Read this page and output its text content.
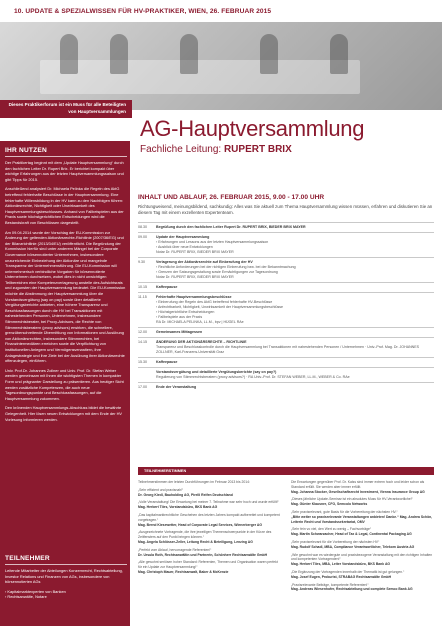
10. UPDATE & SPEZIALWISSEN FÜR HV-PRAKTIKER, WIEN, 26. FEBRUAR 2015
Dieses Praktikerforum ist ein Muss für alle Beteiligten von Hauptversammlungen
AG-Hauptversammlung
Fachliche Leitung: RUPERT BRIX
IHR NUTZEN

Der Praktikertag beginnt mit dem „Update Hauptversammlung“ durch den fachlichen Leiter Dr. Rupert Brix. Er berichtet kompakt über wichtige Erfahrungen aus der letzten Hauptversammlungssaison und gibt Tipps für 2015.

Anschließend analysiert Dr. Michaela Pelinka die Regeln des AktG betreffend fehlerhafte Beschlüsse in der Hauptversammlung. Eine fehlerhafte Willensbildung in der HV kann zu den Nachfolgen führen: Aktionärsrechte, Nichtigkeit oder Unwirksamkeit des Hauptversammlungsbeschlusses. Anhand von Fallbeispielen aus der Praxis sowie höchstgerichtlichen Entscheidungen wird die Bestandskraft von Beschlüssen dargestellt.

Am 09.04.2014 wurde der Vorschlag der EU-Kommission zur Änderung der geltenden Aktionärsrechte-Richtlinie (2007/36/EG) und der Bilanzrichtlinie (2013/34/EU) veröffentlicht. Die Begründung der Kommission hierfür sind unter anderem Mängel bei der Corporate Governance börsennotierter Unternehmen, insbesondere unzureichende Einbeziehung der Aktionäre und mangelnde Transparenz der Unternehmensführung. Die EU-Kommission will unternehmerisch verbindliche Vorgaben für börsennotierte Unternehmen durchsetzen, wobei dies in nicht unwichtigen Teilbereichen eine Kompetenzverlagerung anstelle des Aufsichtsrats und zugunsten der Hauptversammlung bedeutet. Die EU-Kommission möchte die Abstimmung der Hauptversammlung über die Vorstandsvergütung (say on pay) sowie über detaillierte Vergütungsberichte anbieten, eine höhere Transparenz und Beschlussfassungen durch die HV bei Transaktionen mit nahestehenden Personen, Unternehmen, insbesondere Stimmrechtsberater, bei Proxy-Advisors, die Rechte von Stimmrechtsberatern (proxy advisors) erwirken, die schnellere, grenzüberschreitende Übermittlung von Informationen und Ausübung von Aktionärsrechten, insbesondere Stimmrechten, bei Finanzintermediären erreichen sowie die Verpflichtung von institutionellen Anlegern und Vermögensverwaltern, ihre Anlagestrategie und ihre Ziele bei der Ausübung ihrer Aktionärsrechte offenzulegen, einführen.

Univ. Prof.Dr. Johannes Zollner und Univ. Prof. Dr. Stefan Weber werden gemeinsam mit Ihnen die wichtigsten Themen in kompakter Form und prägnanter Darstellung zu präsentieren. Aus heutiger Sicht werden zusätzliche Kompetenzen, die auch neue Tagesordnungspunkte und Beschlussfassungen, auf die Hauptversammlung zukommen.

Den krönenden Hauptversammlungs-Abschluss bildet die bewährte Gelegenheit. Hier lösen neuen Entwicklungen mit dem Ende der HV Vorlesung informieren werden.

TEILNEHMER

Leitende Mitarbeiter der Abteilungen Konzernrecht, Rechtsabteilung, Investor Relations und Finanzen von AGs, insbesondere von börsennotierten AGs

› Kapitalmarktexperten von Banken
› Rechtsanwälte, Notare
INHALT UND ABLAUF, 26. FEBRUAR 2015, 9.00 - 17.00 UHR

Richtungweisend, meinungsbildend, sachkundig: Alles was Sie aktuell zum Thema Hauptversammlung wissen müssen, erfahren und diskutieren Sie an diesem Tag mit einem exzellenten Expertenteam.

08.30	Begrüßung durch den fachlichen Leiter Rupert Dr. RUPERT BRIX, BIEDER BRIX MAYER
09.00	Update der Hauptversammlung
› Erfahrungen und Lessons aus der letzten Hauptversammlungssaison
› Ausblick über neue Entwicklungen
Notar Dr. RUPERT BRIX, BIEDER BRIX MAYER
9.30	Verlagerung der Aktionärsrechte auf Einberufung der HV
› Rechtliche Anforderungen bei der richtigen Einberufung bzw. bei der Bekanntmachung
› Grenzen der Satzungsgestaltung sowie Ermächtigungen zur Tagesordnung
Notar Dr. RUPERT BRIX, BIEDER BRIX MAYER
10.15	Kaffeepause
11.15	Fehlerhafte Hauptversammlungsbeschlüsse
› Einberufung der Regeln des AktG betreffend fehlerhafte HV-Beschlüsse
› Anfechtbarkeit, Nichtigkeit, Unwirksamkeit der Hauptversammlungsbeschlüsse
› Höchstgerichtliche Entscheidungen
› Fallbeispiele aus der Praxis
RA Dr. MICHAELA PELINKA, LL.M., bpv | HÜGEL RAe
12.00	Gemeinsames Mittagessen
14.15	ÄNDERUNG DER AKTIONÄRSRECHTE – RICHTLINIE
Transparenz und Beschlusskontrolle durch die Hauptversammlung bei Transaktionen mit nahestehenden Personen / Unternehmen · Univ.-Prof. Mag. Dr. JOHANNES ZOLLNER, Karl-Franzens-Universität Graz
15.30	Kaffeepause
Vorstandsvergütung und detaillierte Vergütungsberichte (say on pay?)
Regulierung von Stimmrechtsberatern (proxy advisors?) · RA Univ.-Prof. Dr. STEFAN WEBER, LL.M., WEBER & Co. RAe
17.00	Ende der Veranstaltung
TEILNEHMERSTIMMEN

Teilnehmerstimmen der letzten Durchführungen im Februar 2013 bis 2014:

„Sehr effizient und praxisnah!“
Dr. Georg Kiedl, Bauholding AG, Pirelli Reifen Deutschland

„Volle Veranstaltung! Die Erwartung bei meiner 7. Teilnahme war sehr hoch und wurde erfüllt!“
Mag. Herbert Tiles, Vorstandsbüro, BKS Bank AG

„Das kapitalmarktrechtliche Geschehen des letzten Jahres kompakt aufbereitet und kompetent vorgetragen.“
Mag. Bernd Kiesewetter, Head of Corporate Legal Services, Wienerberger AG

„Ausgezeichnete Vortragende, die ihre jeweiligen Themenschwerpunkte in der Kürze des Zeitfensters auf den Punkt bringen können.“
Mag. Angela Schlösser-Zeller, Leitung Recht & Beteiligung, Lenzing AG

„Perfekt vom Ablauf, hervorragende Referenten!“
Dr. Ursula Roth, Rechtsanwältin und Partnerin, Schönherr Rechtsanwälte GmbH

„Alle gewohnt seriösen hoher Standard: Referenten, Themen und Organisation waren perfekt für ein Update zur Hauptversammlung!“
Mag. Christoph Mauer, Rechtsanwalt, Baker & McKenzie

Die Erwartungen gegenüber Prof. Dr. Kalss sind immer extrem hoch und leider schon als Standard erfüllt. Sie werden aber immer erfüllt.
Mag. Johanna Stocker, Gesellschaftsrecht Investment, Vienna Insurance Group AG

„Dieses jährliche Update-Seminar ist ein absolutes Muss für HV-Verantwortliche!“
Mag. Günter Klausner, CFO, Semcolo Networks

„Sehr praxisrelevant, gute Basis für die Vorbereitung der nächsten HV.“
„Bitte weiter so praxisrelevante Veranstaltungen anbieten! Danke.“ Mag. Andrea Schön, Leiterin Recht und Vorstandssekretariat, OMV

„Sehr fein vo viel, den Wert zu wenig – Fachvorträge“
Mag. Martin Schwarzacher, Head of Tax & Legal, Continental Packaging AG

„Sehr praxisrelevant für die Vorbereitung der nächsten HV“
Mag. Rudolf Schadl, MBA, Compliance Verantwortlicher, Telekom Austria AG

„Wie gewohnt war es wiedergute und praxisbezogene Veranstaltung mit den richtigen Inhalten und kompetenten Vortragenden!“
Mag. Herbert Tiles, MBA, Leiter Vorstandsbüro, BKS Bank AG

„Die Ergänzung der Vortragenden innerhalb der Thematik ist gut gelungen.“
Mag. Josef Eugen, Prokurist, STRABAG Rechtsanwälte GmbH

„Praxisrelevante Beiträge, kompetente Referenten!“
Mag. Andreas Wiesenhofer, Rechtsabteilung und complete Semco Bank AG
